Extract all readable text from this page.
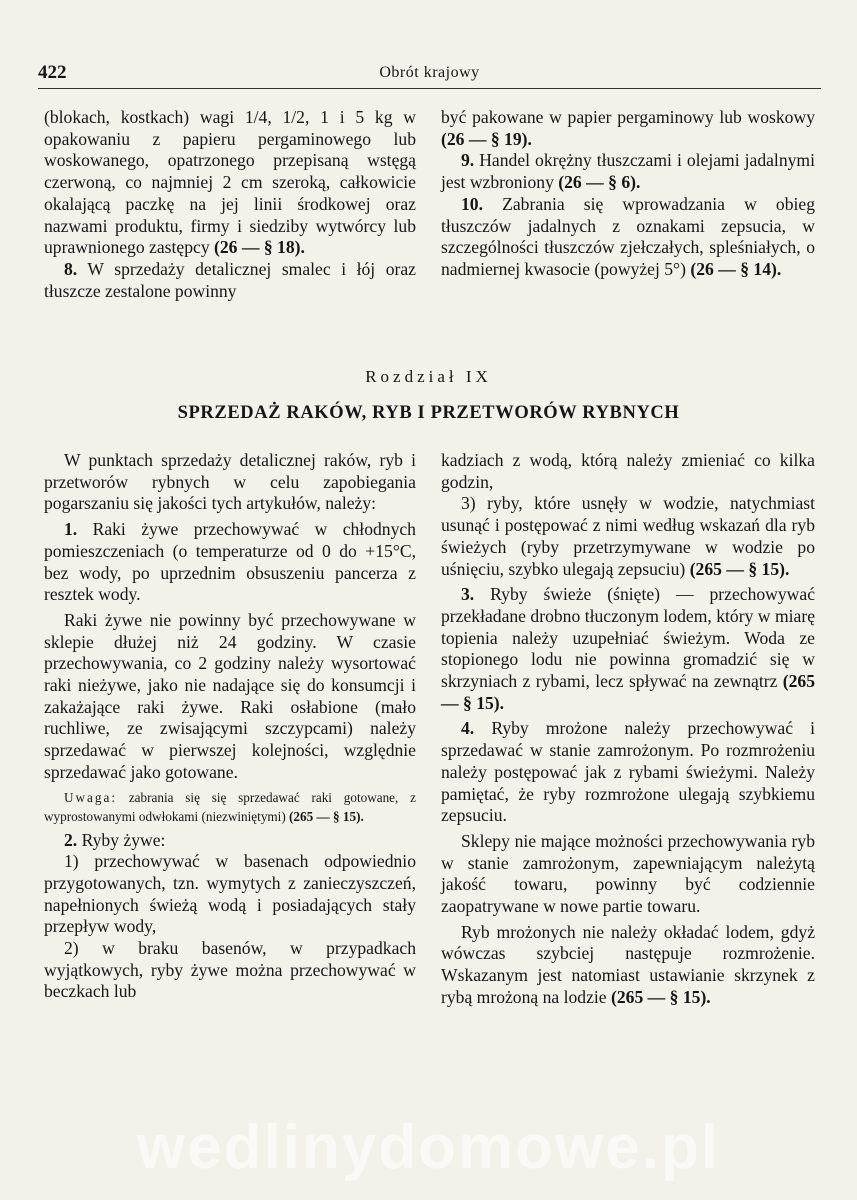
422	Obrót krajowy

(blokach, kostkach) wagi 1/4, 1/2, 1 i 5 kg w opakowaniu z papieru pergaminowego lub woskowanego, opatrzonego przepisaną wstęgą czerwoną, co najmniej 2 cm szeroką, całkowicie okalającą paczkę na jej linii środkowej oraz nazwami produktu, firmy i siedziby wytwórcy lub uprawnionego zastępcy (26 — § 18).

8. W sprzedaży detalicznej smalec i łój oraz tłuszcze zestalone powinny

być pakowane w papier pergaminowy lub woskowy (26 — § 19).

9. Handel okrężny tłuszczami i olejami jadalnymi jest wzbroniony (26 — § 6).

10. Zabrania się wprowadzania w obieg tłuszczów jadalnych z oznakami zepsucia, w szczególności tłuszczów zjełczałych, spleśniałych, o nadmiernej kwasocie (powyżej 5°) (26 — § 14).

Rozdział IX
SPRZEDAŻ RAKÓW, RYB I PRZETWORÓW RYBNYCH

W punktach sprzedaży detalicznej raków, ryb i przetworów rybnych w celu zapobiegania pogarszaniu się jakości tych artykułów, należy:

1. Raki żywe przechowywać w chłodnych pomieszczeniach (o temperaturze od 0 do +15°C, bez wody, po uprzednim obsuszeniu pancerza z resztek wody.

Raki żywe nie powinny być przechowywane w sklepie dłużej niż 24 godziny. W czasie przechowywania, co 2 godziny należy wysortować raki nieżywe, jako nie nadające się do konsumcji i zakażające raki żywe. Raki osłabione (mało ruchliwe, ze zwisającymi szczypcami) należy sprzedawać w pierwszej kolejności, względnie sprzedawać jako gotowane.

Uwaga: zabrania się się sprzedawać raki gotowane, z wyprostowanymi odwłokami (niezwiniętymi) (265 — § 15).

2. Ryby żywe:

1) przechowywać w basenach odpowiednio przygotowanych, tzn. wymytych z zanieczyszczeń, napełnionych świeżą wodą i posiadających stały przepływ wody,

2) w braku basenów, w przypadkach wyjątkowych, ryby żywe można przechowywać w beczkach lub

kadziach z wodą, którą należy zmieniać co kilka godzin,

3) ryby, które usnęły w wodzie, natychmiast usunąć i postępować z nimi według wskazań dla ryb świeżych (ryby przetrzymywane w wodzie po uśnięciu, szybko ulegają zepsuciu) (265 — § 15).

3. Ryby świeże (śnięte) — przechowywać przekładane drobno tłuczonym lodem, który w miarę topienia należy uzupełniać świeżym. Woda ze stopionego lodu nie powinna gromadzić się w skrzyniach z rybami, lecz spływać na zewnątrz (265 — § 15).

4. Ryby mrożone należy przechowywać i sprzedawać w stanie zamrożonym. Po rozmrożeniu należy postępować jak z rybami świeżymi. Należy pamiętać, że ryby rozmrożone ulegają szybkiemu zepsuciu.

Sklepy nie mające możności przechowywania ryb w stanie zamrożonym, zapewniającym należytą jakość towaru, powinny być codziennie zaopatrywane w nowe partie towaru.

Ryb mrożonych nie należy okładać lodem, gdyż wówczas szybciej następuje rozmrożenie. Wskazanym jest natomiast ustawianie skrzynek z rybą mrożoną na lodzie (265 — § 15).

wedlinydomowe.pl
